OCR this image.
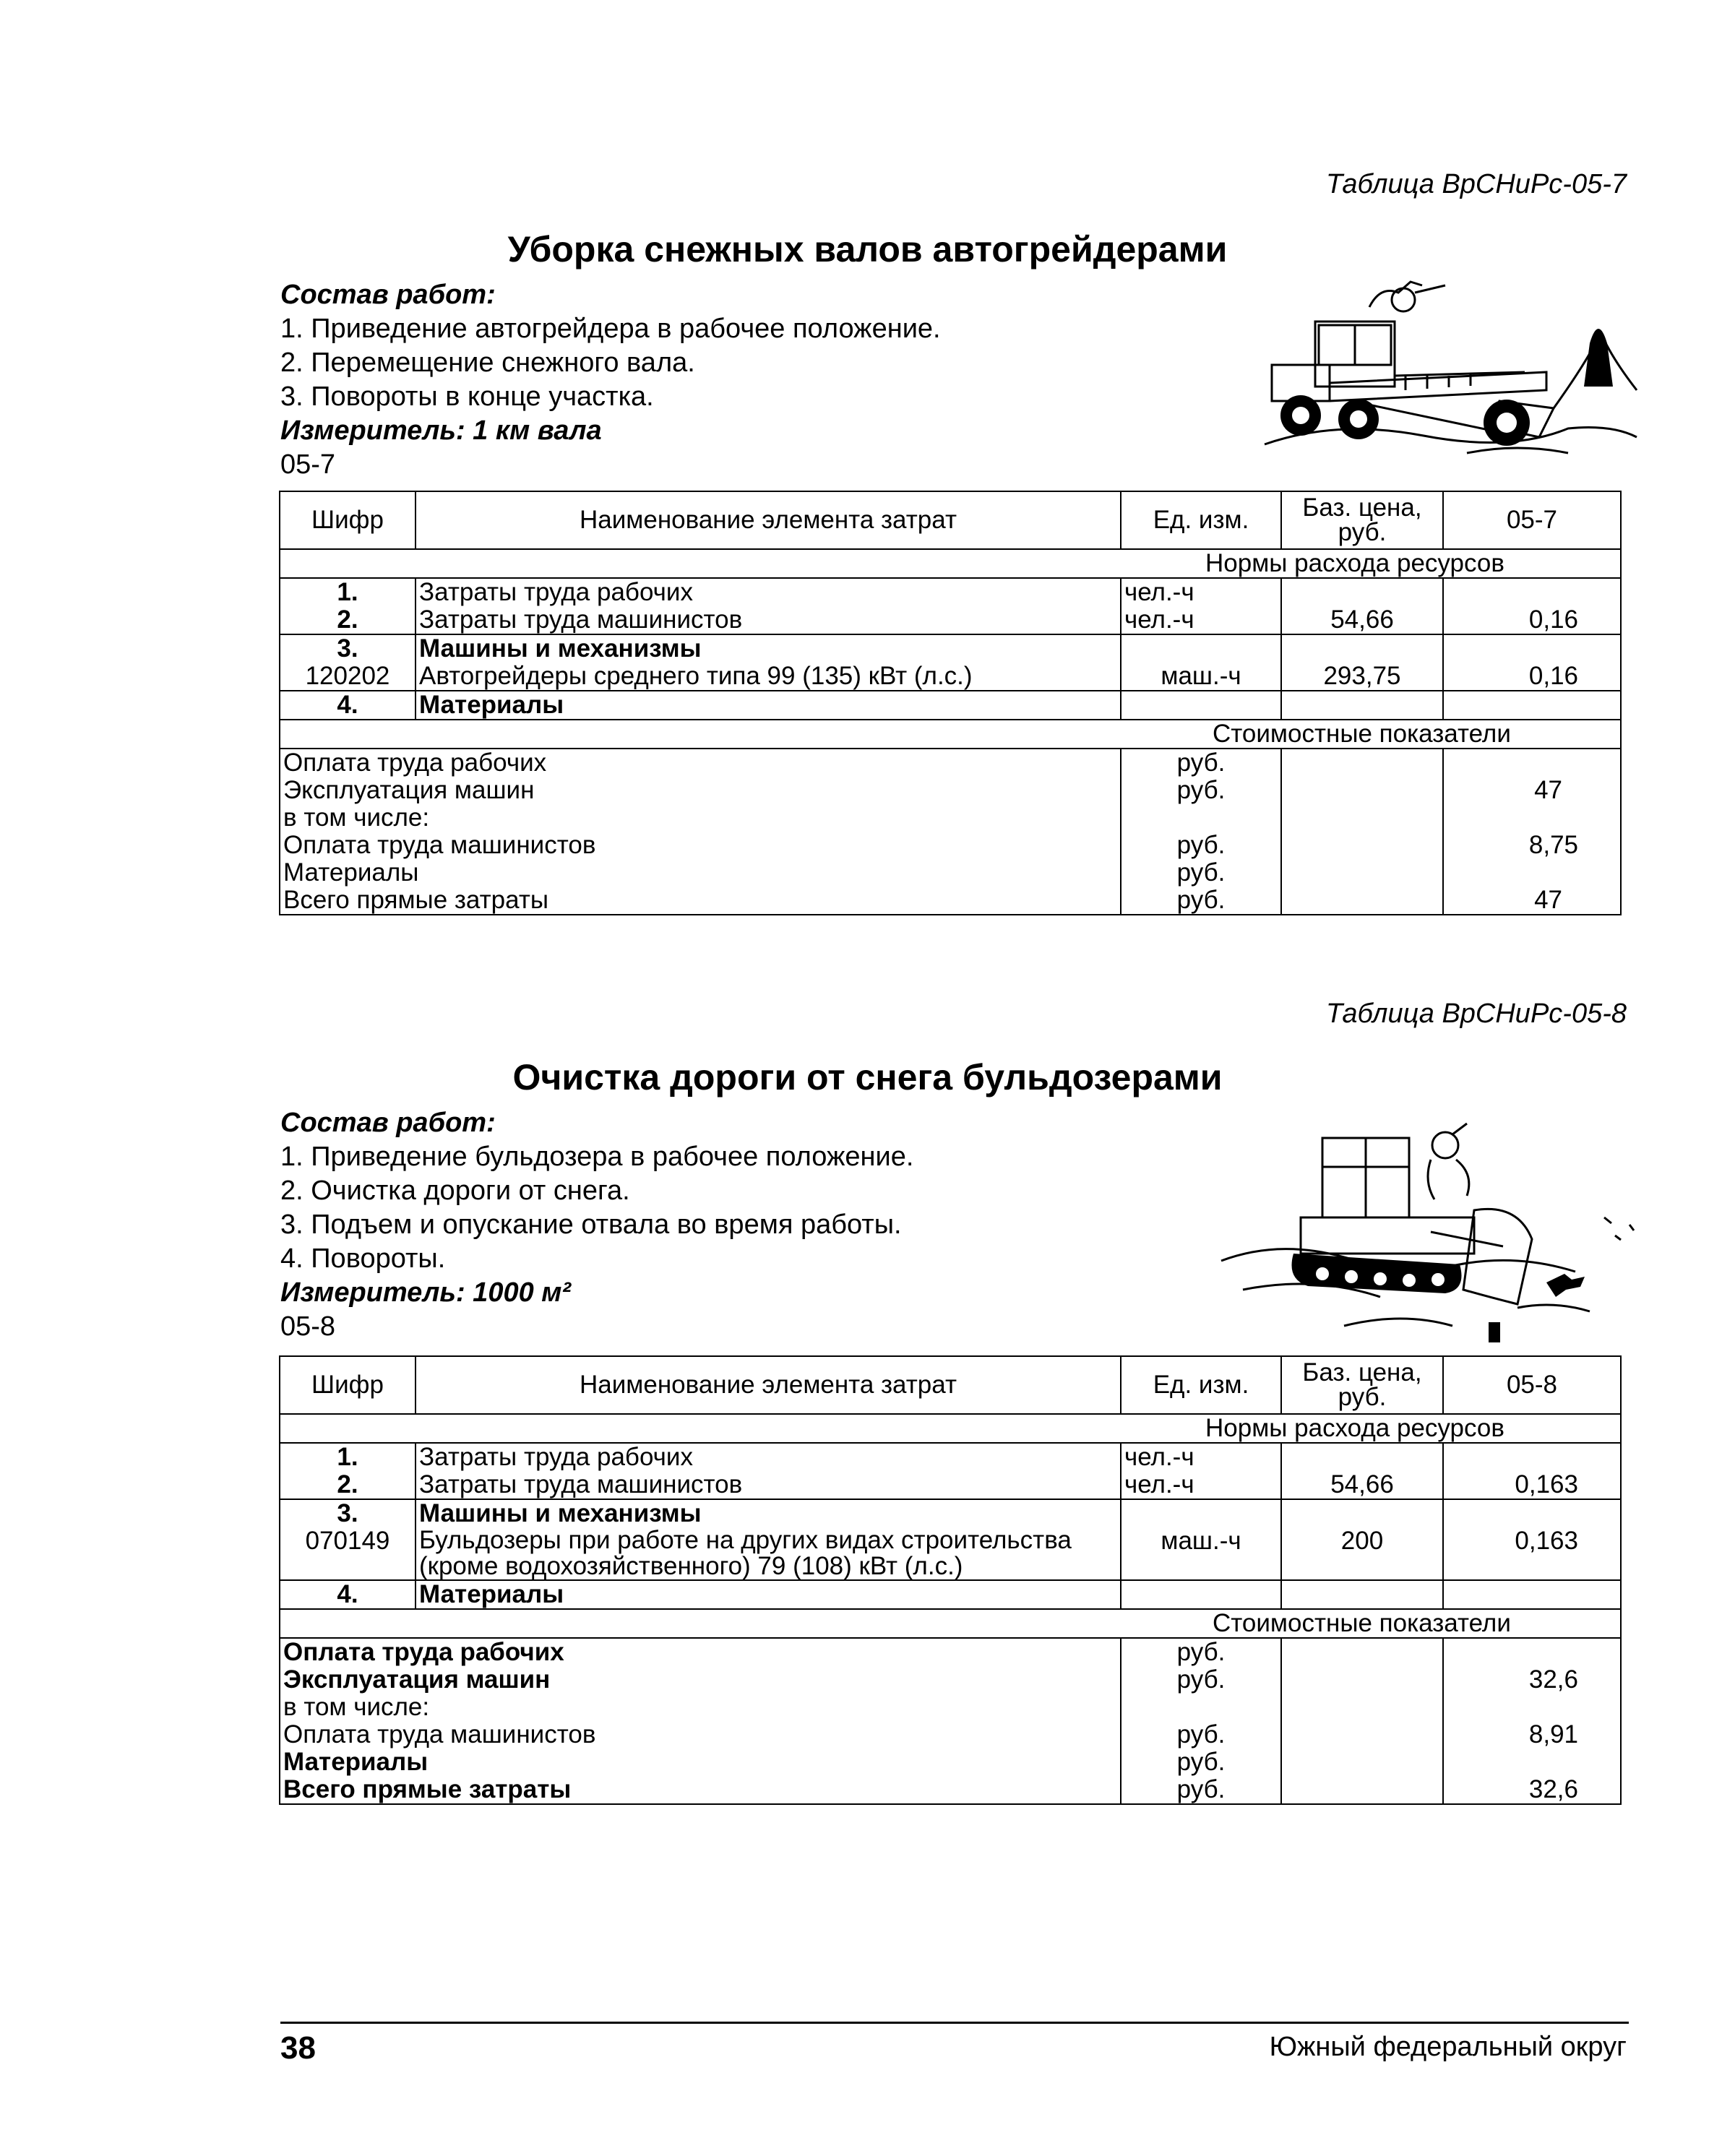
Таблица ВрСНиРс-05-7
Уборка снежных валов автогрейдерами
Состав работ:
1. Приведение автогрейдера в рабочее положение.
2. Перемещение снежного вала.
3. Повороты в конце участка.
Измеритель: 1 км вала
05-7
Шифр	Наименование элемента затрат	Ед. изм.	Баз. цена, руб.	05-7
Нормы расхода ресурсов				
1.	Затраты труда рабочих	чел.-ч		
2.	Затраты труда машинистов	чел.-ч	54,66	0,16
3.	Машины и механизмы			
120202	Автогрейдеры среднего типа 99 (135) кВт (л.с.)	маш.-ч	293,75	0,16
4.	Материалы			
Стоимостные показатели				
Оплата труда рабочих		руб.		
Эксплуатация машин		руб.		47
в том числе:				
Оплата труда машинистов		руб.		8,75
Материалы		руб.		
Всего прямые затраты		руб.		47
Таблица ВрСНиРс-05-8
Очистка дороги от снега бульдозерами
Состав работ:
1. Приведение бульдозера в рабочее положение.
2. Очистка дороги от снега.
3. Подъем и опускание отвала во время работы.
4. Повороты.
Измеритель: 1000 м²
05-8
Шифр	Наименование элемента затрат	Ед. изм.	Баз. цена, руб.	05-8
Нормы расхода ресурсов				
1.	Затраты труда рабочих	чел.-ч		
2.	Затраты труда машинистов	чел.-ч	54,66	0,163
3.	Машины и механизмы			
070149	Бульдозеры при работе на других видах строительства (кроме водохозяйственного) 79 (108) кВт (л.с.)	маш.-ч	200	0,163
4.	Материалы			
Стоимостные показатели				
Оплата труда рабочих		руб.		
Эксплуатация машин		руб.		32,6
в том числе:				
Оплата труда машинистов		руб.		8,91
Материалы		руб.		
Всего прямые затраты		руб.		32,6
38	Южный федеральный округ
